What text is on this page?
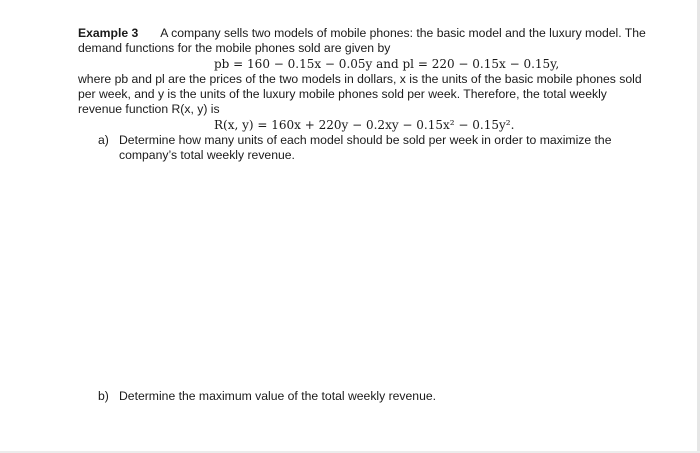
Example 3 A company sells two models of mobile phones: the basic model and the luxury model. The
demand functions for the mobile phones sold are given by
pb = 160 − 0.15x − 0.05y and pl = 220 − 0.15x − 0.15y,
where pb and pl are the prices of the two models in dollars, x is the units of the basic mobile phones sold
per week, and y is the units of the luxury mobile phones sold per week. Therefore, the total weekly
revenue function R(x, y) is
R(x, y) = 160x + 220y − 0.2xy − 0.15x² − 0.15y².
a) Determine how many units of each model should be sold per week in order to maximize the
company’s total weekly revenue.
b) Determine the maximum value of the total weekly revenue.
